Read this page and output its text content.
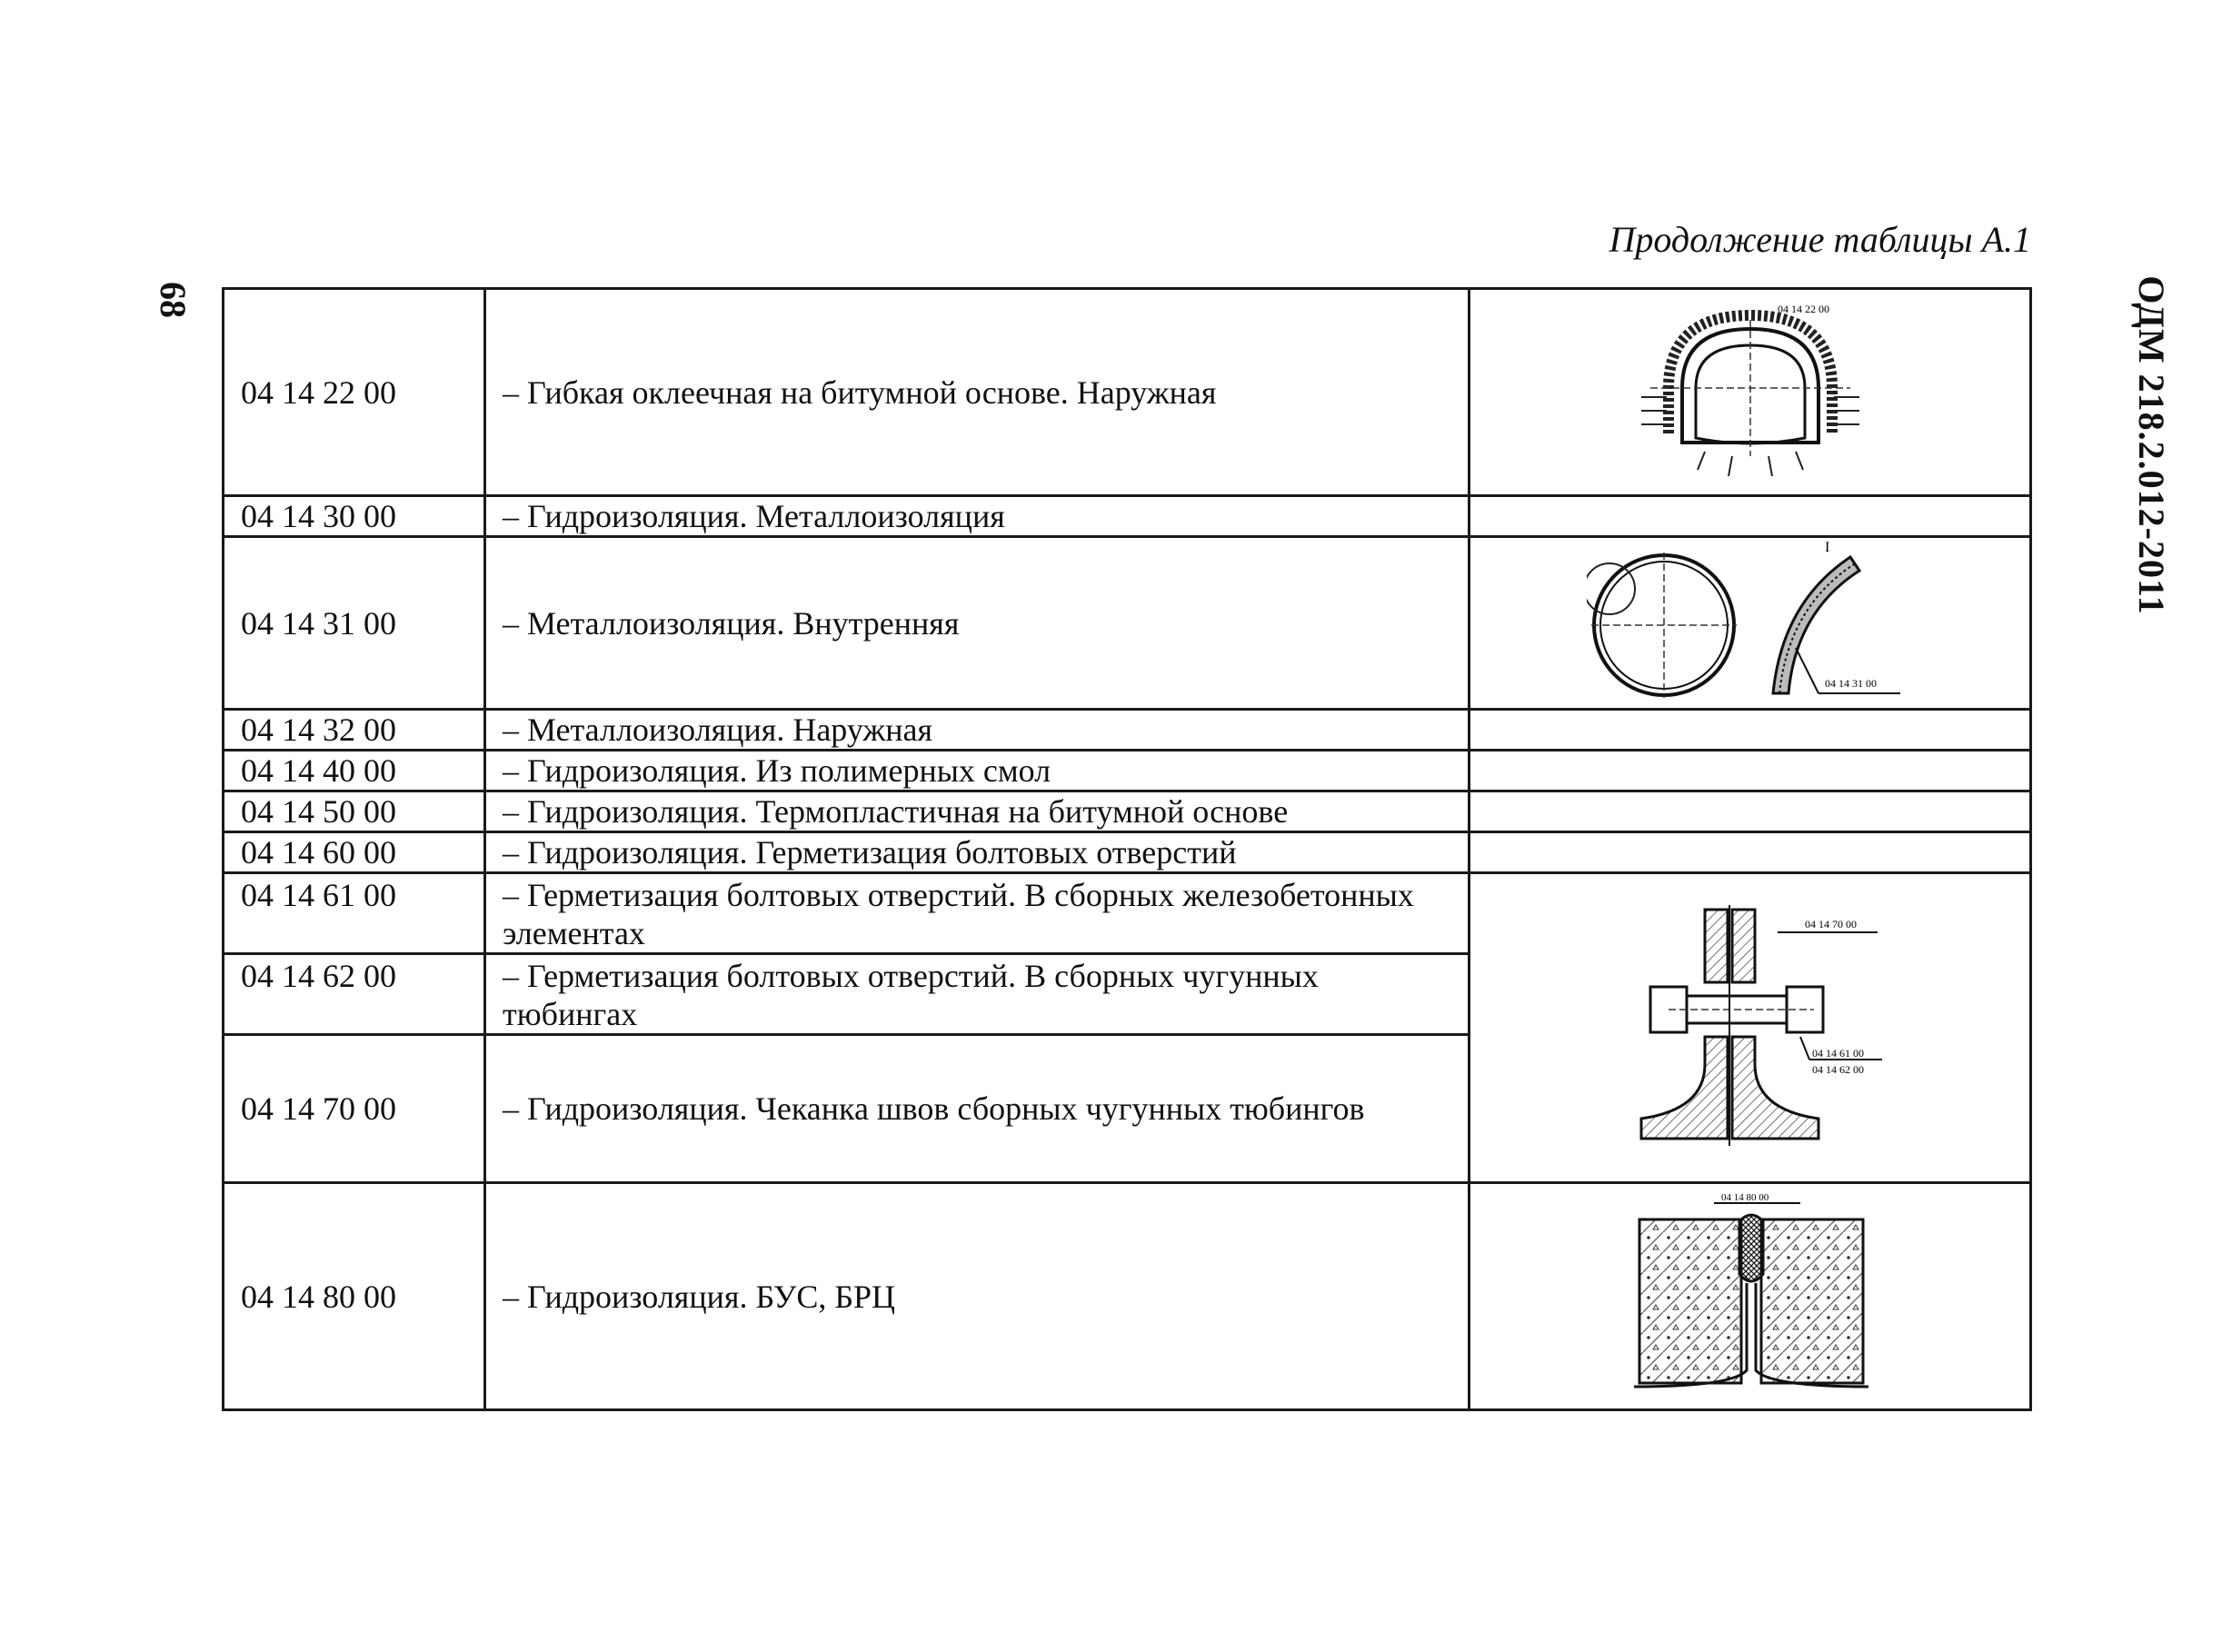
68	ОДМ 218.2.012-2011
Продолжение таблицы А.1
04 14 22 00	– Гибкая оклеечная на битумной основе. Наружная	04 14 22 00

04 14 30 00	– Гидроизоляция. Металлоизоляция	
04 14 31 00	– Металлоизоляция. Внутренняя	I
04 14 31 00

04 14 32 00	– Металлоизоляция. Наружная	
04 14 40 00	– Гидроизоляция. Из полимерных смол	
04 14 50 00	– Гидроизоляция. Термопластичная на битумной основе	
04 14 60 00	– Гидроизоляция. Герметизация болтовых отверстий	
04 14 61 00	– Герметизация болтовых отверстий. В сборных железобетонных элементах	04 14 70 00
04 14 61 00
04 14 62 00

04 14 62 00	– Герметизация болтовых отверстий. В сборных чугунных тюбингах	
04 14 70 00	– Гидроизоляция. Чеканка швов сборных чугунных тюбингов	
04 14 80 00	– Гидроизоляция. БУС, БРЦ	04 14 80 00
